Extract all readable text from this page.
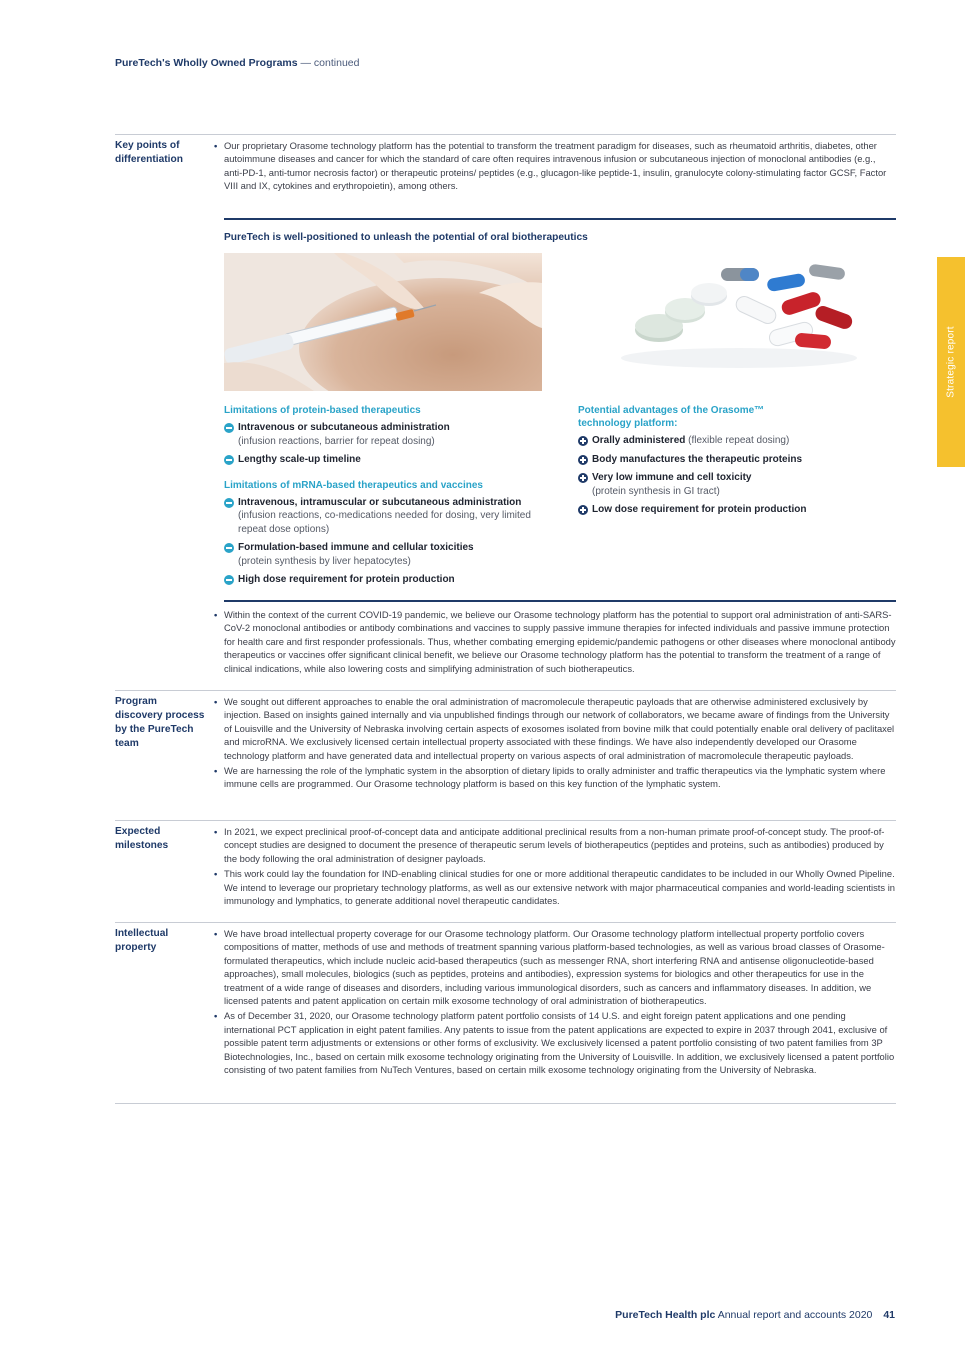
PureTech's Wholly Owned Programs — continued
Strategic report
Key points of differentiation
• Our proprietary Orasome technology platform has the potential to transform the treatment paradigm for diseases, such as rheumatoid arthritis, diabetes, other autoimmune diseases and cancer for which the standard of care often requires intravenous infusion or subcutaneous injection of monoclonal antibodies (e.g., anti-PD-1, anti-tumor necrosis factor) or therapeutic proteins/ peptides (e.g., glucagon-like peptide-1, insulin, granulocyte colony-stimulating factor GCSF, Factor VIII and IX, cytokines and erythropoietin), among others.
• Within the context of the current COVID-19 pandemic, we believe our Orasome technology platform has the potential to support oral administration of anti-SARS-CoV-2 monoclonal antibodies or antibody combinations and vaccines to supply passive immune therapies for infected individuals and passive immune protection for health care and first responder professionals. Thus, whether combating emerging epidemic/pandemic pathogens or other diseases where monoclonal antibody therapeutics or vaccines offer significant clinical benefit, we believe our Orasome technology platform has the potential to transform the treatment of a range of clinical indications, while also lowering costs and simplifying administration of such biotherapeutics.
PureTech is well-positioned to unleash the potential of oral biotherapeutics
Limitations of protein-based therapeutics
Intravenous or subcutaneous administration
(infusion reactions, barrier for repeat dosing)
Lengthy scale-up timeline
Limitations of mRNA-based therapeutics and vaccines
Intravenous, intramuscular or subcutaneous administration (infusion reactions, co-medications needed for dosing, very limited repeat dose options)
Formulation-based immune and cellular toxicities
(protein synthesis by liver hepatocytes)
High dose requirement for protein production
Potential advantages of the Orasome™ technology platform:
Orally administered (flexible repeat dosing)
Body manufactures the therapeutic proteins
Very low immune and cell toxicity
(protein synthesis in GI tract)
Low dose requirement for protein production
Program discovery process by the PureTech team
• We sought out different approaches to enable the oral administration of macromolecule therapeutic payloads that are otherwise administered exclusively by injection. Based on insights gained internally and via unpublished findings through our network of collaborators, we became aware of findings from the University of Louisville and the University of Nebraska involving certain aspects of exosomes isolated from bovine milk that could potentially enable oral delivery of paclitaxel and microRNA. We exclusively licensed certain intellectual property associated with these findings. We have also independently developed our Orasome technology platform and have generated data and intellectual property on various aspects of oral administration of macromolecule therapeutic payloads.
• We are harnessing the role of the lymphatic system in the absorption of dietary lipids to orally administer and traffic therapeutics via the lymphatic system where immune cells are programmed. Our Orasome technology platform is based on this key function of the lymphatic system.
Expected milestones
• In 2021, we expect preclinical proof-of-concept data and anticipate additional preclinical results from a non-human primate proof-of-concept study. The proof-of-concept studies are designed to document the presence of therapeutic serum levels of biotherapeutics (peptides and proteins, such as antibodies) produced by the body following the oral administration of designer payloads.
• This work could lay the foundation for IND-enabling clinical studies for one or more additional therapeutic candidates to be included in our Wholly Owned Pipeline. We intend to leverage our proprietary technology platforms, as well as our extensive network with major pharmaceutical companies and world-leading scientists in immunology and lymphatics, to generate additional novel therapeutic candidates.
Intellectual property
• We have broad intellectual property coverage for our Orasome technology platform. Our Orasome technology platform intellectual property portfolio covers compositions of matter, methods of use and methods of treatment spanning various platform-based technologies, as well as various broad classes of Orasome-formulated therapeutics, which include nucleic acid-based therapeutics (such as messenger RNA, short interfering RNA and antisense oligonucleotide-based approaches), small molecules, biologics (such as peptides, proteins and antibodies), expression systems for biologics and other therapeutics for use in the treatment of a wide range of diseases and disorders, including various immunological disorders, such as cancers and inflammatory diseases. In addition, we licensed patents and patent application on certain milk exosome technology of oral administration of biotherapeutics.
• As of December 31, 2020, our Orasome technology platform patent portfolio consists of 14 U.S. and eight foreign patent applications and one pending international PCT application in eight patent families. Any patents to issue from the patent applications are expected to expire in 2037 through 2041, exclusive of possible patent term adjustments or extensions or other forms of exclusivity. We exclusively licensed a patent portfolio consisting of two patent families from 3P Biotechnologies, Inc., based on certain milk exosome technology originating from the University of Louisville. In addition, we exclusively licensed a patent portfolio consisting of two patent families from NuTech Ventures, based on certain milk exosome technology originating from the University of Nebraska.
PureTech Health plc Annual report and accounts 2020 41
